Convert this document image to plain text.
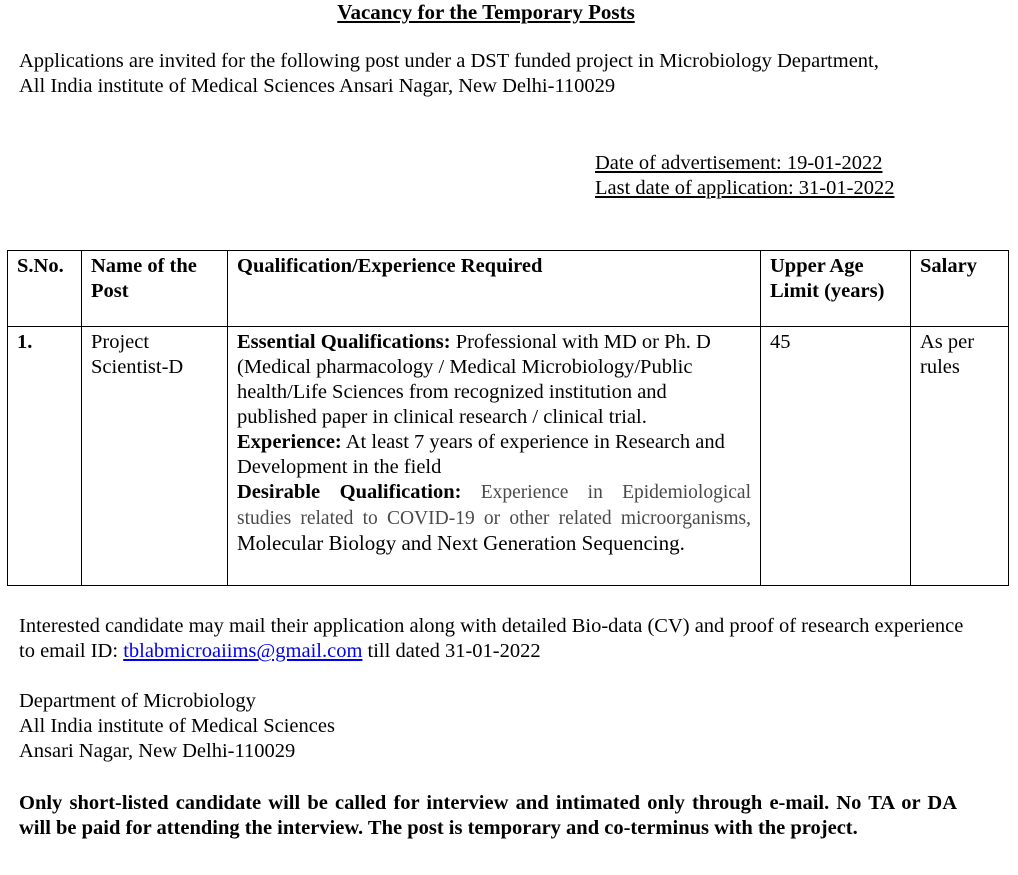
Vacancy for the Temporary Posts
Applications are invited for the following post under a DST funded project in Microbiology Department,
All India institute of Medical Sciences Ansari Nagar, New Delhi-110029
Date of advertisement: 19-01-2022
Last date of application: 31-01-2022
S.No.	Name of the Post	Qualification/Experience Required	Upper Age Limit (years)	Salary
1.	Project Scientist-D	Essential Qualifications: Professional with MD or Ph. D (Medical pharmacology / Medical Microbiology/Public health/Life Sciences from recognized institution and published paper in clinical research / clinical trial.
Experience: At least 7 years of experience in Research and Development in the field
Desirable Qualification: Experience in Epidemiological studies related to COVID-19 or other related microorganisms, Molecular Biology and Next Generation Sequencing.	45	As per rules
Interested candidate may mail their application along with detailed Bio-data (CV) and proof of research experience to email ID: tblabmicroaiims@gmail.com till dated 31-01-2022
Department of Microbiology
All India institute of Medical Sciences
Ansari Nagar, New Delhi-110029
Only short-listed candidate will be called for interview and intimated only through e-mail. No TA or DA will be paid for attending the interview. The post is temporary and co-terminus with the project.
